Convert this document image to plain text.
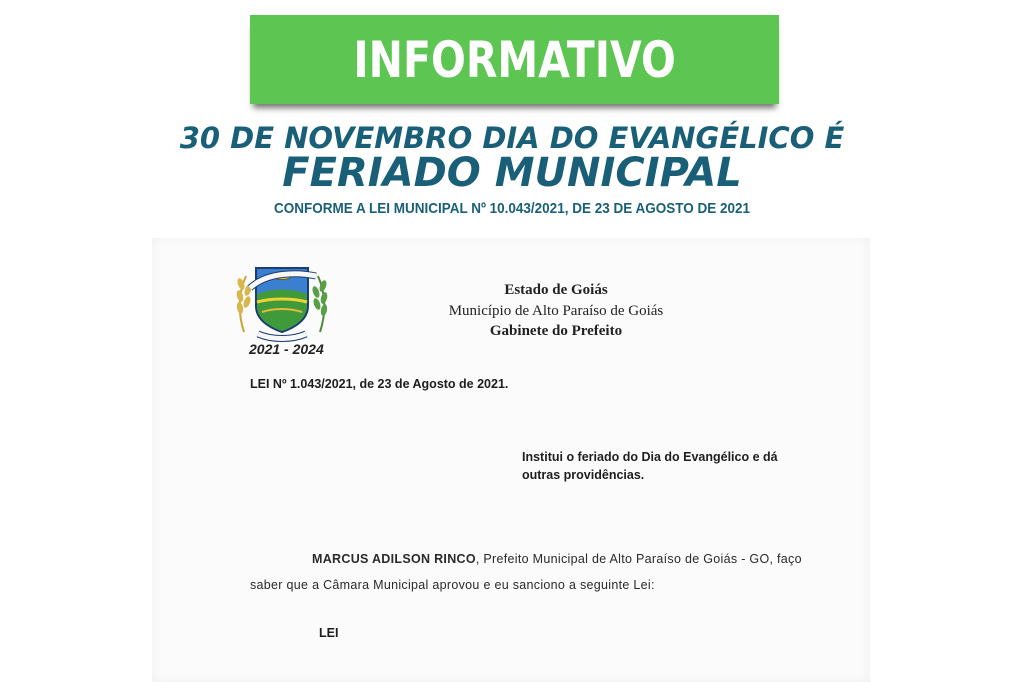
INFORMATIVO
30 DE NOVEMBRO DIA DO EVANGÉLICO É
FERIADO MUNICIPAL
CONFORME A LEI MUNICIPAL Nº 10.043/2021, DE 23 DE AGOSTO DE 2021
2021 - 2024
Estado de Goiás
Município de Alto Paraíso de Goiás
Gabinete do Prefeito
LEI Nº 1.043/2021, de 23 de Agosto de 2021.
Institui o feriado do Dia do Evangélico e dá outras providências.
MARCUS ADILSON RINCO, Prefeito Municipal de Alto Paraíso de Goiás - GO, faço saber que a Câmara Municipal aprovou e eu sanciono a seguinte Lei:
LEI
